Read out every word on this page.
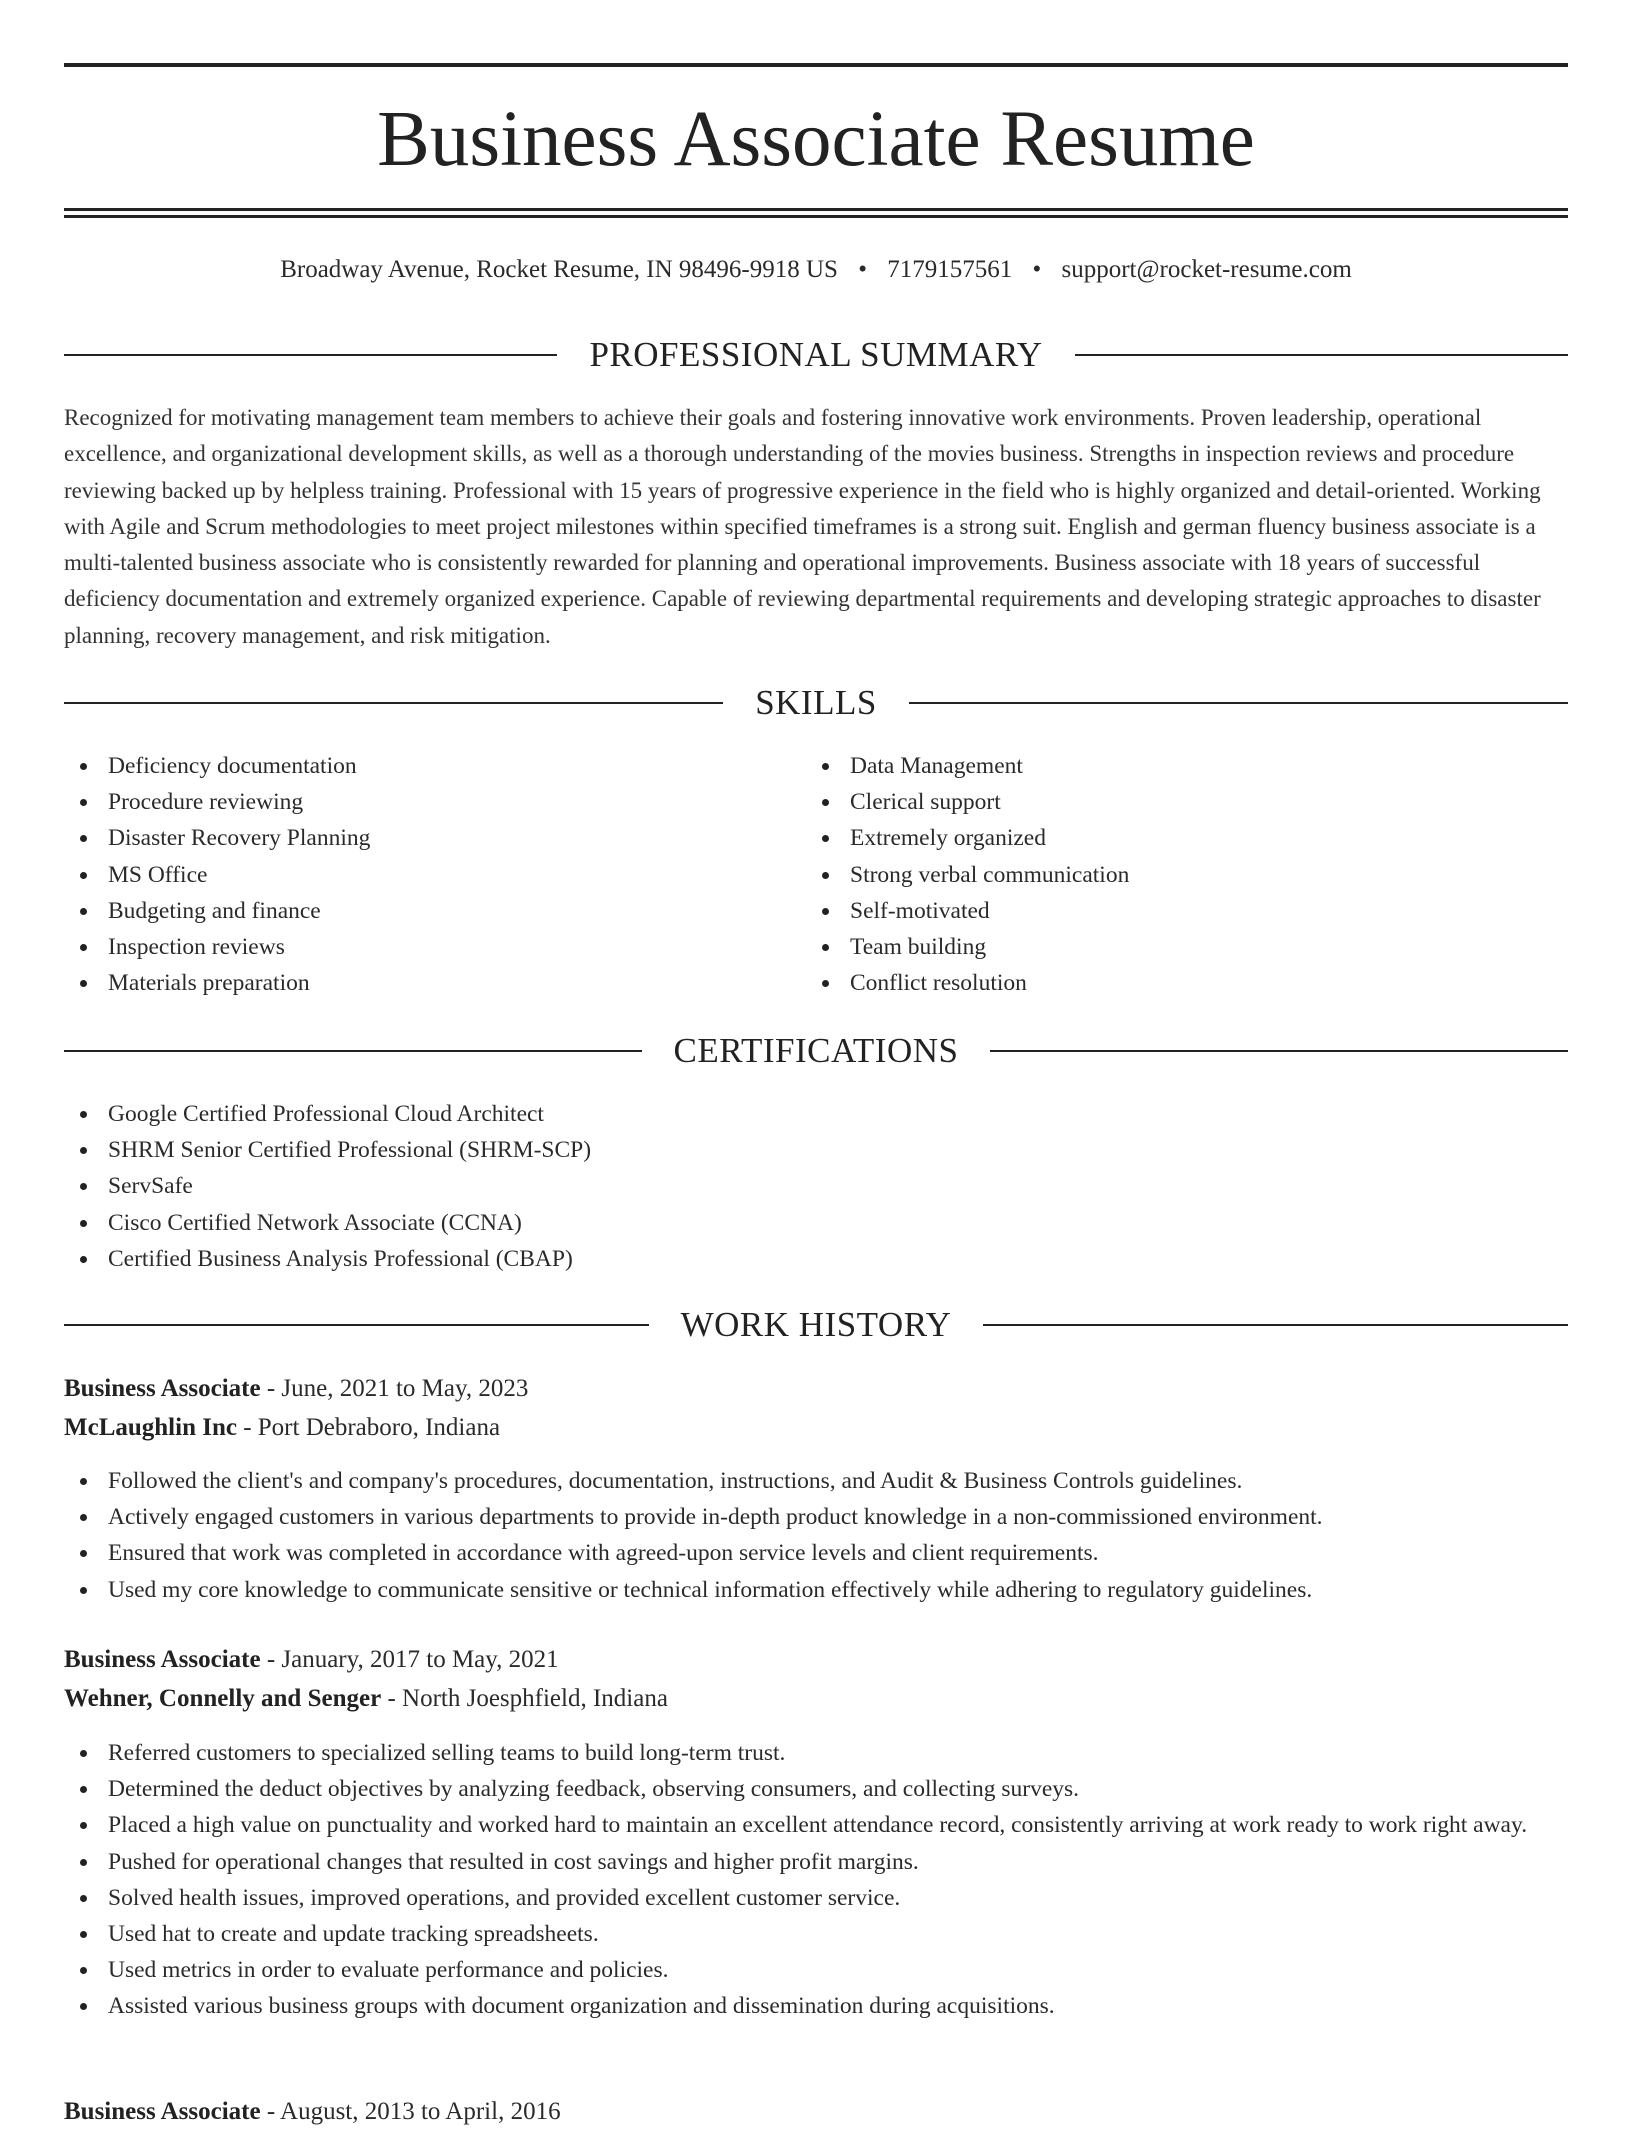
Business Associate Resume
Broadway Avenue, Rocket Resume, IN 98496-9918 US • 7179157561 • support@rocket-resume.com
PROFESSIONAL SUMMARY

Recognized for motivating management team members to achieve their goals and fostering innovative work environments. Proven leadership, operational excellence, and organizational development skills, as well as a thorough understanding of the movies business. Strengths in inspection reviews and procedure reviewing backed up by helpless training. Professional with 15 years of progressive experience in the field who is highly organized and detail-oriented. Working with Agile and Scrum methodologies to meet project milestones within specified timeframes is a strong suit. English and german fluency business associate is a multi-talented business associate who is consistently rewarded for planning and operational improvements. Business associate with 18 years of successful deficiency documentation and extremely organized experience. Capable of reviewing departmental requirements and developing strategic approaches to disaster planning, recovery management, and risk mitigation.

SKILLS
Deficiency documentation
Procedure reviewing
Disaster Recovery Planning
MS Office
Budgeting and finance
Inspection reviews
Materials preparation
Data Management
Clerical support
Extremely organized
Strong verbal communication
Self-motivated
Team building
Conflict resolution
CERTIFICATIONS
Google Certified Professional Cloud Architect
SHRM Senior Certified Professional (SHRM-SCP)
ServSafe
Cisco Certified Network Associate (CCNA)
Certified Business Analysis Professional (CBAP)
WORK HISTORY
Business Associate - June, 2021 to May, 2023
McLaughlin Inc - Port Debraboro, Indiana
Followed the client's and company's procedures, documentation, instructions, and Audit & Business Controls guidelines.
Actively engaged customers in various departments to provide in-depth product knowledge in a non-commissioned environment.
Ensured that work was completed in accordance with agreed-upon service levels and client requirements.
Used my core knowledge to communicate sensitive or technical information effectively while adhering to regulatory guidelines.
Business Associate - January, 2017 to May, 2021
Wehner, Connelly and Senger - North Joesphfield, Indiana
Referred customers to specialized selling teams to build long-term trust.
Determined the deduct objectives by analyzing feedback, observing consumers, and collecting surveys.
Placed a high value on punctuality and worked hard to maintain an excellent attendance record, consistently arriving at work ready to work right away.
Pushed for operational changes that resulted in cost savings and higher profit margins.
Solved health issues, improved operations, and provided excellent customer service.
Used hat to create and update tracking spreadsheets.
Used metrics in order to evaluate performance and policies.
Assisted various business groups with document organization and dissemination during acquisitions.
Business Associate - August, 2013 to April, 2016
